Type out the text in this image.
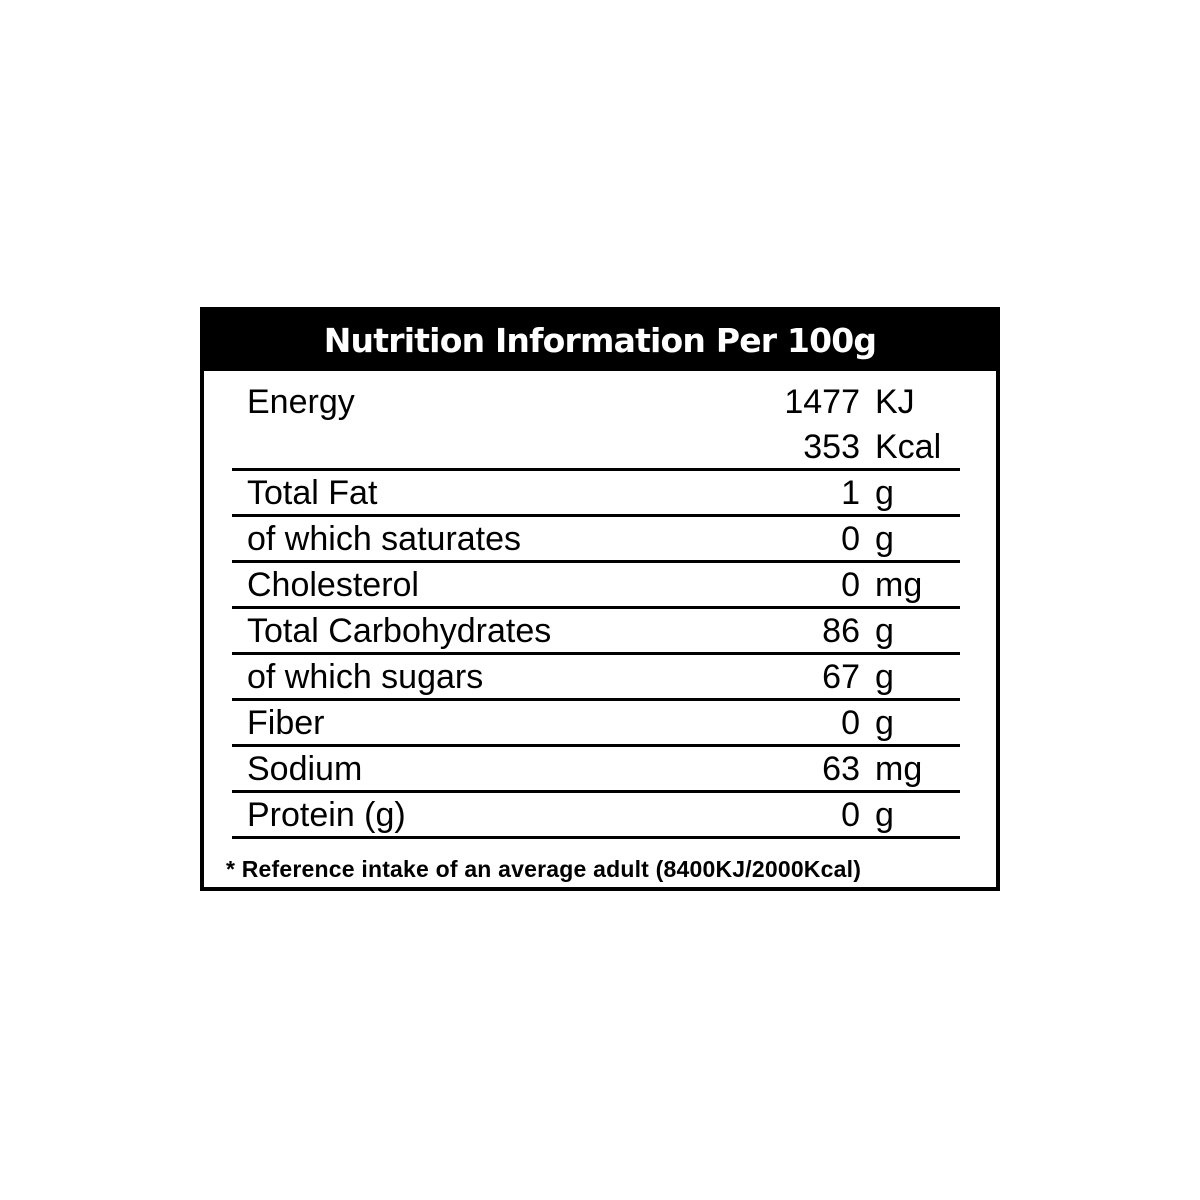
Nutrition Information Per 100g
Energy	1477 KJ
353 Kcal
Total Fat	1 g
of which saturates	0 g
Cholesterol	0 mg
Total Carbohydrates	86 g
of which sugars	67 g
Fiber	0 g
Sodium	63 mg
Protein (g)	0 g
* Reference intake of an average adult (8400KJ/2000Kcal)
